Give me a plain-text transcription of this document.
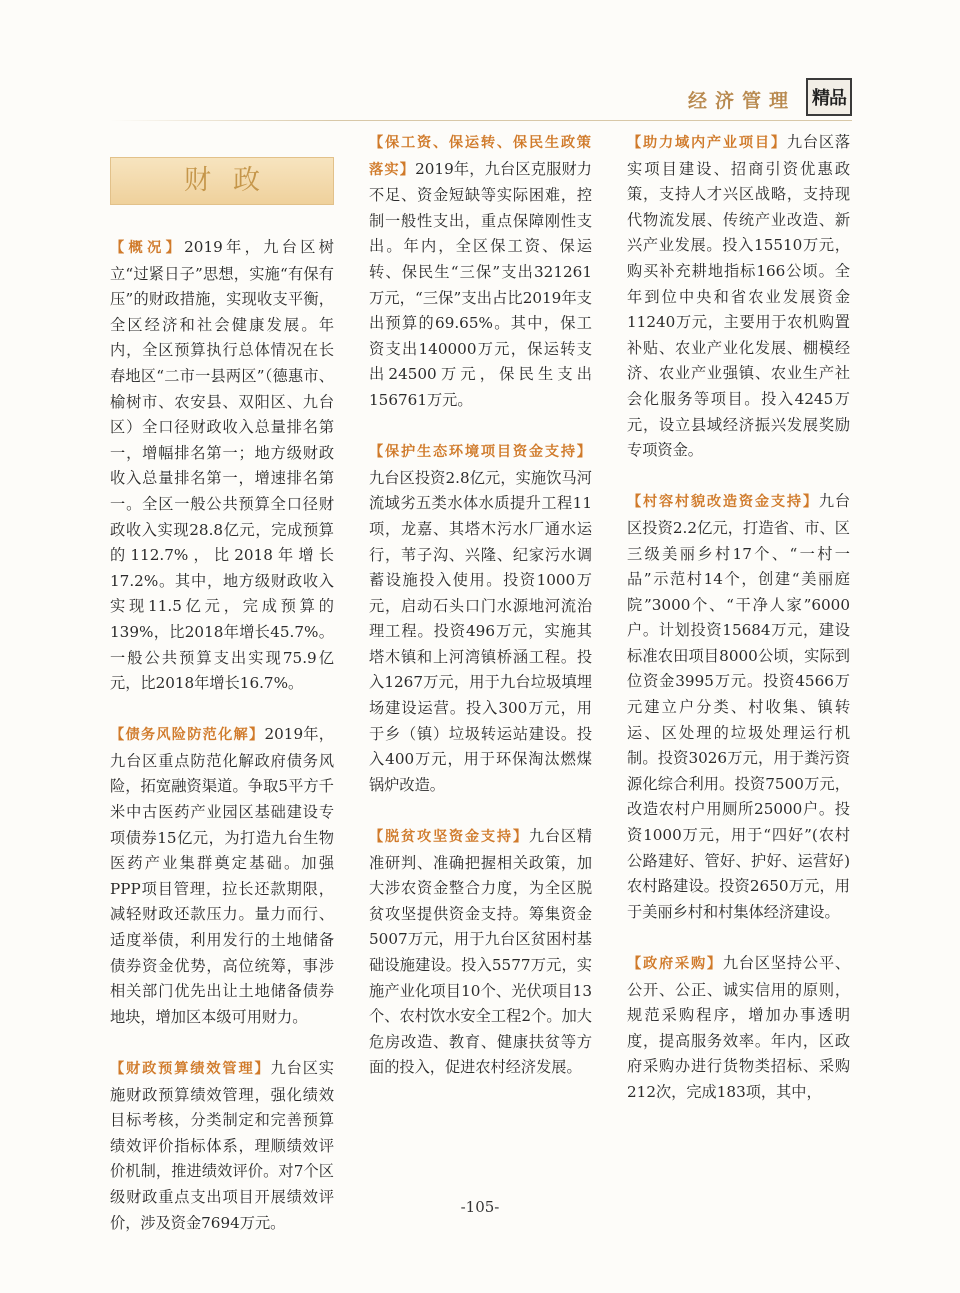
经济管理 精品
财政

【概况】2019年，九台区树立“过紧日子”思想，实施“有保有压”的财政措施，实现收支平衡，全区经济和社会健康发展。年内，全区预算执行总体情况在长春地区“二市一县两区”（德惠市、榆树市、农安县、双阳区、九台区）全口径财政收入总量排名第一，增幅排名第一；地方级财政收入总量排名第一，增速排名第一。全区一般公共预算全口径财政收入实现28.8亿元，完成预算的112.7%，比2018年增长17.2%。其中，地方级财政收入实现11.5亿元，完成预算的139%，比2018年增长45.7%。一般公共预算支出实现75.9亿元，比2018年增长16.7%。

【债务风险防范化解】2019年，九台区重点防范化解政府债务风险，拓宽融资渠道。争取5平方千米中古医药产业园区基础建设专项债券15亿元，为打造九台生物医药产业集群奠定基础。加强PPP项目管理，拉长还款期限，减轻财政还款压力。量力而行、适度举债，利用发行的土地储备债券资金优势，高位统筹，事涉相关部门优先出让土地储备债券地块，增加区本级可用财力。

【财政预算绩效管理】九台区实施财政预算绩效管理，强化绩效目标考核，分类制定和完善预算绩效评价指标体系，理顺绩效评价机制，推进绩效评价。对7个区级财政重点支出项目开展绩效评价，涉及资金7694万元。

【保工资、保运转、保民生政策落实】2019年，九台区克服财力不足、资金短缺等实际困难，控制一般性支出，重点保障刚性支出。年内，全区保工资、保运转、保民生“三保”支出321261万元，“三保”支出占比2019年支出预算的69.65%。其中，保工资支出140000万元，保运转支出24500万元，保民生支出156761万元。

【保护生态环境项目资金支持】九台区投资2.8亿元，实施饮马河流域劣五类水体水质提升工程11项，龙嘉、其塔木污水厂通水运行，苇子沟、兴隆、纪家污水调蓄设施投入使用。投资1000万元，启动石头口门水源地河流治理工程。投资496万元，实施其塔木镇和上河湾镇桥涵工程。投入1267万元，用于九台垃圾填埋场建设运营。投入300万元，用于乡（镇）垃圾转运站建设。投入400万元，用于环保淘汰燃煤锅炉改造。

【脱贫攻坚资金支持】九台区精准研判、准确把握相关政策，加大涉农资金整合力度，为全区脱贫攻坚提供资金支持。筹集资金5007万元，用于九台区贫困村基础设施建设。投入5577万元，实施产业化项目10个、光伏项目13个、农村饮水安全工程2个。加大危房改造、教育、健康扶贫等方面的投入，促进农村经济发展。

【助力域内产业项目】九台区落实项目建设、招商引资优惠政策，支持人才兴区战略，支持现代物流发展、传统产业改造、新兴产业发展。投入15510万元，购买补充耕地指标166公顷。全年到位中央和省农业发展资金11240万元，主要用于农机购置补贴、农业产业化发展、棚模经济、农业产业强镇、农业生产社会化服务等项目。投入4245万元，设立县域经济振兴发展奖励专项资金。

【村容村貌改造资金支持】九台区投资2.2亿元，打造省、市、区三级美丽乡村17个、“一村一品”示范村14个，创建“美丽庭院”3000个、“干净人家”6000户。计划投资15684万元，建设标准农田项目8000公顷，实际到位资金3995万元。投资4566万元建立户分类、村收集、镇转运、区处理的垃圾处理运行机制。投资3026万元，用于粪污资源化综合利用。投资7500万元，改造农村户用厕所25000户。投资1000万元，用于“四好”(农村公路建好、管好、护好、运营好)农村路建设。投资2650万元，用于美丽乡村和村集体经济建设。

【政府采购】九台区坚持公平、公开、公正、诚实信用的原则，规范采购程序，增加办事透明度，提高服务效率。年内，区政府采购办进行货物类招标、采购212次，完成183项，其中，

-105-
